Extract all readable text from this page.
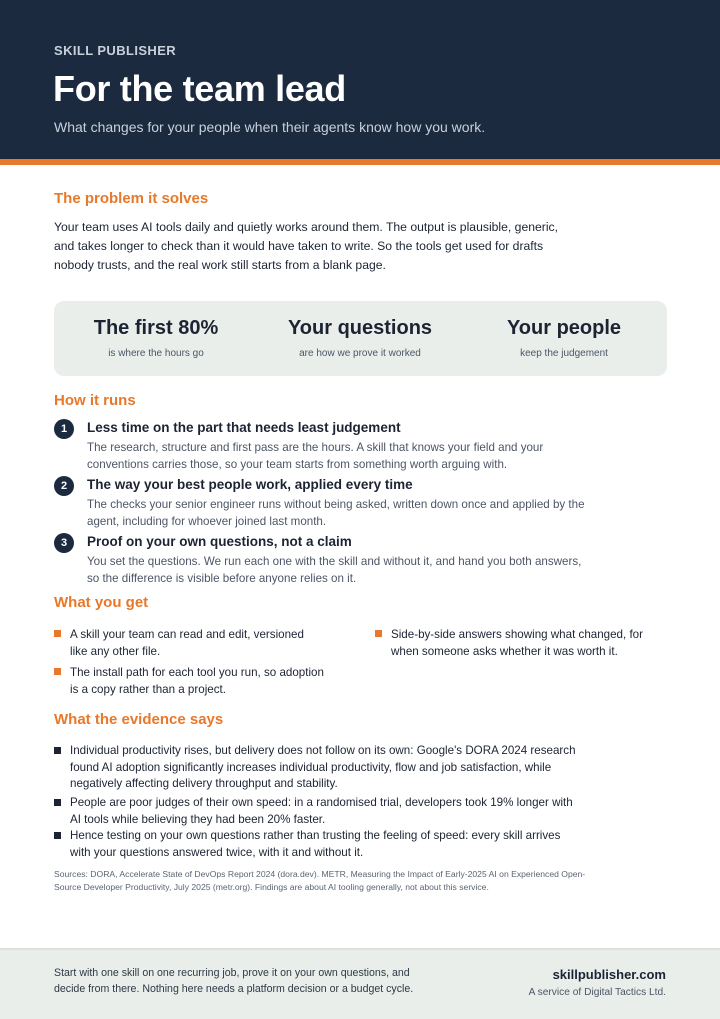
SKILL PUBLISHER
For the team lead
What changes for your people when their agents know how you work.
The problem it solves
Your team uses AI tools daily and quietly works around them. The output is plausible, generic, and takes longer to check than it would have taken to write. So the tools get used for drafts nobody trusts, and the real work still starts from a blank page.
The first 80%
is where the hours go
Your questions
are how we prove it worked
Your people
keep the judgement
How it runs
1	Less time on the part that needs least judgement
The research, structure and first pass are the hours. A skill that knows your field and your conventions carries those, so your team starts from something worth arguing with.
2	The way your best people work, applied every time
The checks your senior engineer runs without being asked, written down once and applied by the agent, including for whoever joined last month.
3	Proof on your own questions, not a claim
You set the questions. We run each one with the skill and without it, and hand you both answers, so the difference is visible before anyone relies on it.
What you get
A skill your team can read and edit, versioned like any other file.
The install path for each tool you run, so adoption is a copy rather than a project.
Side-by-side answers showing what changed, for when someone asks whether it was worth it.
What the evidence says
Individual productivity rises, but delivery does not follow on its own: Google's DORA 2024 research found AI adoption significantly increases individual productivity, flow and job satisfaction, while negatively affecting delivery throughput and stability.
People are poor judges of their own speed: in a randomised trial, developers took 19% longer with AI tools while believing they had been 20% faster.
Hence testing on your own questions rather than trusting the feeling of speed: every skill arrives with your questions answered twice, with it and without it.
Sources: DORA, Accelerate State of DevOps Report 2024 (dora.dev). METR, Measuring the Impact of Early-2025 AI on Experienced Open-Source Developer Productivity, July 2025 (metr.org). Findings are about AI tooling generally, not about this service.
Start with one skill on one recurring job, prove it on your own questions, and decide from there. Nothing here needs a platform decision or a budget cycle.
skillpublisher.com
A service of Digital Tactics Ltd.
